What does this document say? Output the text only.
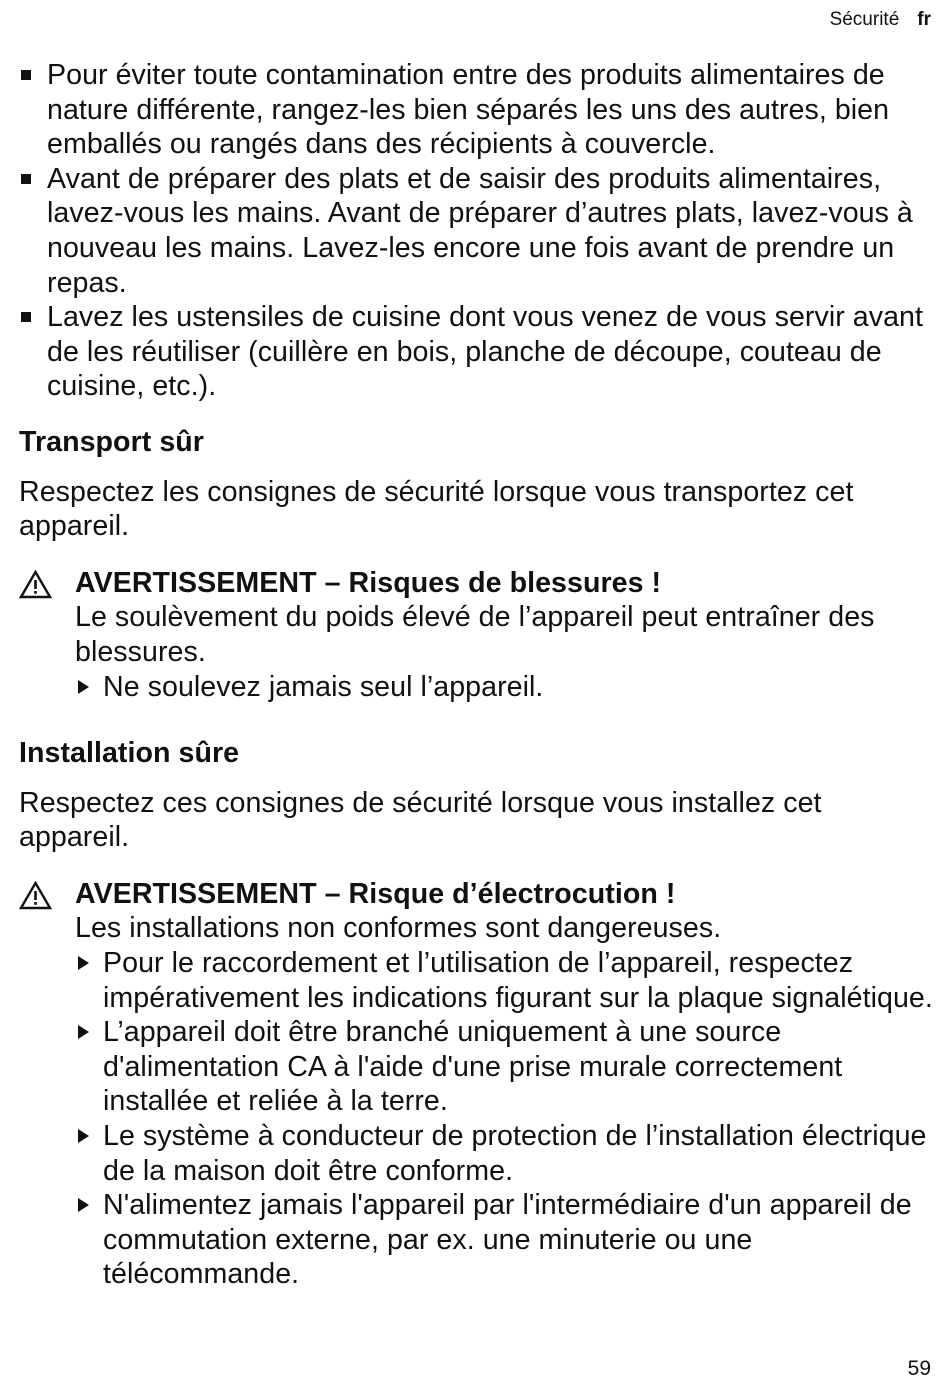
Sécurité fr
Pour éviter toute contamination entre des produits alimentaires de nature différente, rangez-les bien séparés les uns des autres, bien emballés ou rangés dans des récipients à couvercle.
Avant de préparer des plats et de saisir des produits alimentaires, lavez-vous les mains. Avant de préparer d’autres plats, lavez-vous à nouveau les mains. Lavez-les encore une fois avant de prendre un repas.
Lavez les ustensiles de cuisine dont vous venez de vous servir avant de les réutiliser (cuillère en bois, planche de découpe, couteau de cuisine, etc.).
Transport sûr

Respectez les consignes de sécurité lorsque vous transportez cet appareil.

AVERTISSEMENT – Risques de blessures !
Le soulèvement du poids élevé de l’appareil peut entraîner des blessures.
Ne soulevez jamais seul l’appareil.
Installation sûre

Respectez ces consignes de sécurité lorsque vous installez cet appareil.

AVERTISSEMENT – Risque d’électrocution !
Les installations non conformes sont dangereuses.
Pour le raccordement et l’utilisation de l’appareil, respectez impérativement les indications figurant sur la plaque signalétique.
L’appareil doit être branché uniquement à une source d'alimentation CA à l'aide d'une prise murale correctement installée et reliée à la terre.
Le système à conducteur de protection de l’installation électrique de la maison doit être conforme.
N'alimentez jamais l'appareil par l'intermédiaire d'un appareil de commutation externe, par ex. une minuterie ou une télécommande.
59
